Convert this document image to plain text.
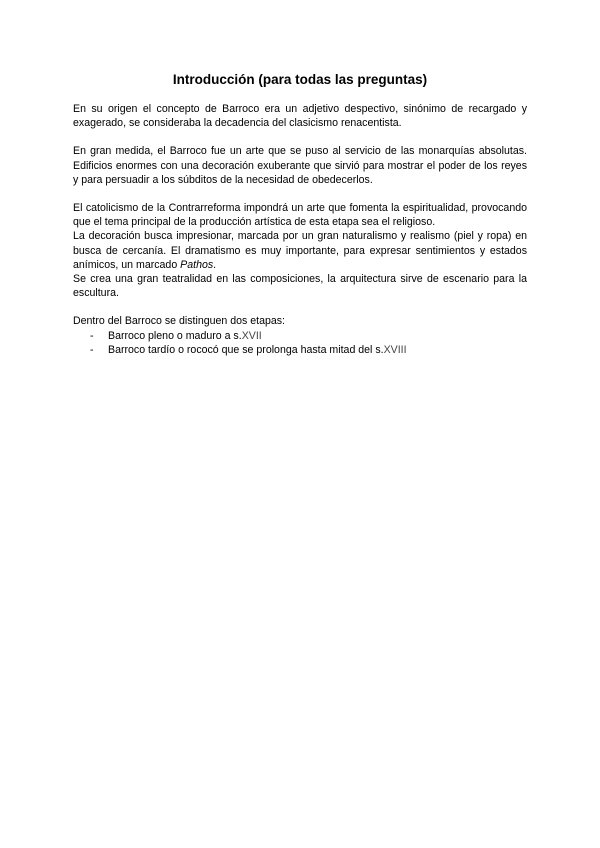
Introducción (para todas las preguntas)

En su origen el concepto de Barroco era un adjetivo despectivo, sinónimo de recargado y exagerado, se consideraba la decadencia del clasicismo renacentista.

En gran medida, el Barroco fue un arte que se puso al servicio de las monarquías absolutas. Edificios enormes con una decoración exuberante que sirvió para mostrar el poder de los reyes y para persuadir a los súbditos de la necesidad de obedecerlos.

El catolicismo de la Contrarreforma impondrá un arte que fomenta la espiritualidad, provocando que el tema principal de la producción artística de esta etapa sea el religioso.

La decoración busca impresionar, marcada por un gran naturalismo y realismo (piel y ropa) en busca de cercanía. El dramatismo es muy importante, para expresar sentimientos y estados anímicos, un marcado Pathos.

Se crea una gran teatralidad en las composiciones, la arquitectura sirve de escenario para la escultura.

Dentro del Barroco se distinguen dos etapas:

- Barroco pleno o maduro a s.XVII
- Barroco tardío o rococó que se prolonga hasta mitad del s.XVIII
